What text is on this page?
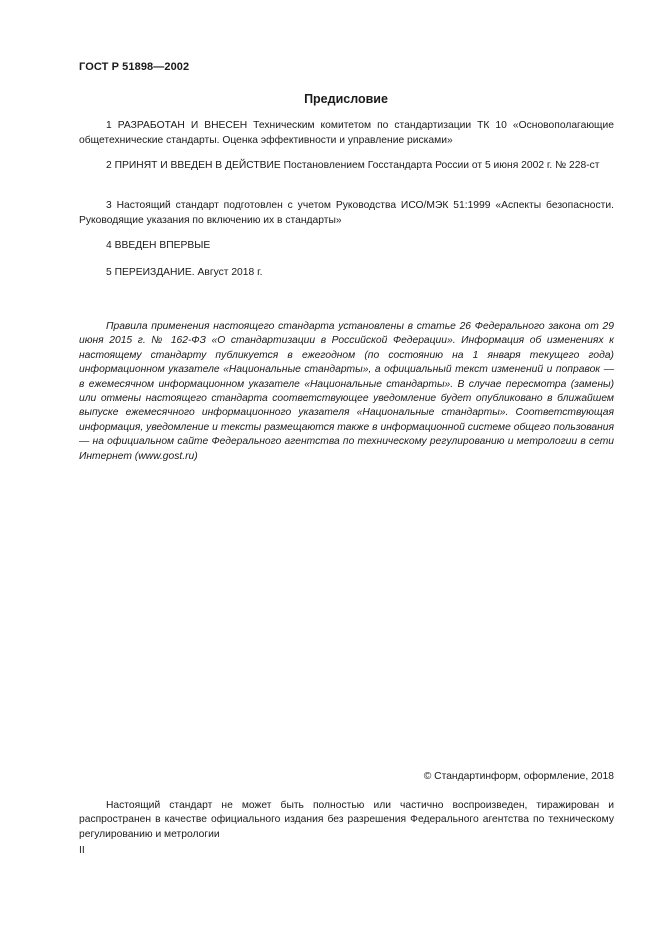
ГОСТ Р 51898—2002
Предисловие

1 РАЗРАБОТАН И ВНЕСЕН Техническим комитетом по стандартизации ТК 10 «Основополагающие общетехнические стандарты. Оценка эффективности и управление рисками»

2 ПРИНЯТ И ВВЕДЕН В ДЕЙСТВИЕ Постановлением Госстандарта России от 5 июня 2002 г. № 228-ст

3 Настоящий стандарт подготовлен с учетом Руководства ИСО/МЭК 51:1999 «Аспекты безопасности. Руководящие указания по включению их в стандарты»

4 ВВЕДЕН ВПЕРВЫЕ

5 ПЕРЕИЗДАНИЕ. Август 2018 г.

Правила применения настоящего стандарта установлены в статье 26 Федерального закона от 29 июня 2015 г. № 162-ФЗ «О стандартизации в Российской Федерации». Информация об изменениях к настоящему стандарту публикуется в ежегодном (по состоянию на 1 января текущего года) информационном указателе «Национальные стандарты», а официальный текст изменений и поправок — в ежемесячном информационном указателе «Национальные стандарты». В случае пересмотра (замены) или отмены настоящего стандарта соответствующее уведомление будет опубликовано в ближайшем выпуске ежемесячного информационного указателя «Национальные стандарты». Соответствующая информация, уведомление и тексты размещаются также в информационной системе общего пользования — на официальном сайте Федерального агентства по техническому регулированию и метрологии в сети Интернет (www.gost.ru)

© Стандартинформ, оформление, 2018

Настоящий стандарт не может быть полностью или частично воспроизведен, тиражирован и распространен в качестве официального издания без разрешения Федерального агентства по техническому регулированию и метрологии

II
